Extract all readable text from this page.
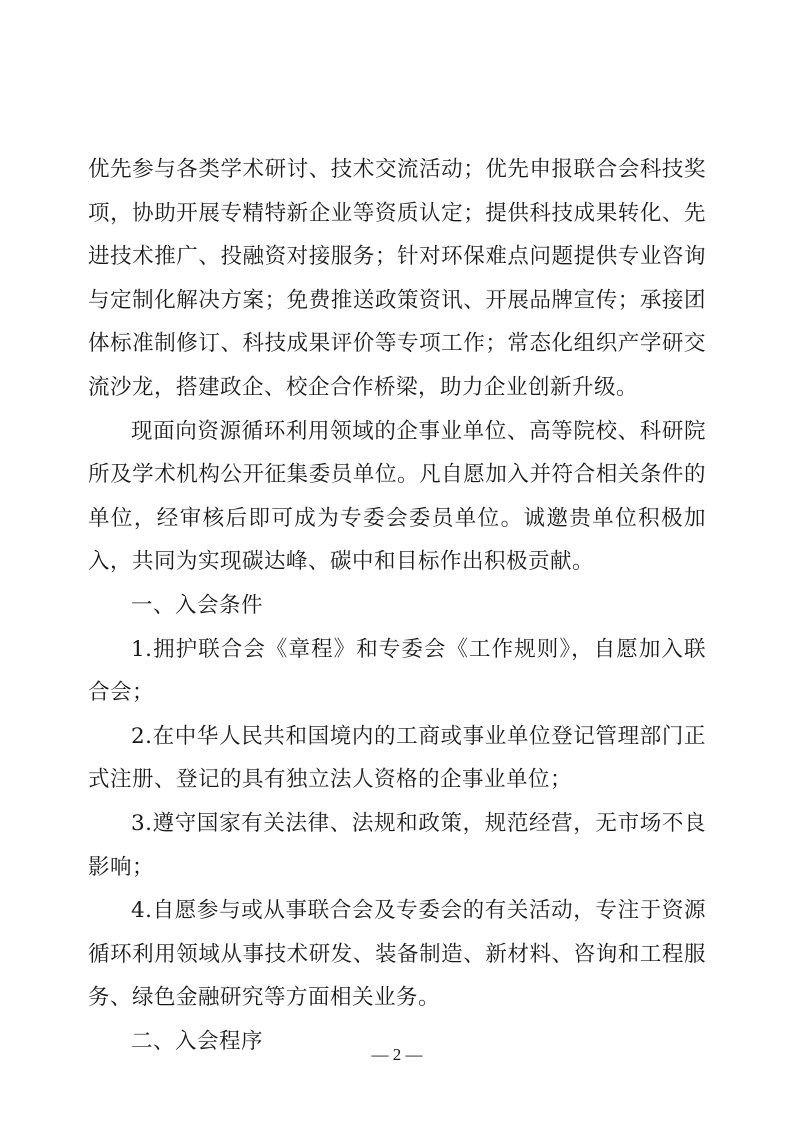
优先参与各类学术研讨、技术交流活动；优先申报联合会科技奖项，协助开展专精特新企业等资质认定；提供科技成果转化、先进技术推广、投融资对接服务；针对环保难点问题提供专业咨询与定制化解决方案；免费推送政策资讯、开展品牌宣传；承接团体标准制修订、科技成果评价等专项工作；常态化组织产学研交流沙龙，搭建政企、校企合作桥梁，助力企业创新升级。

现面向资源循环利用领域的企事业单位、高等院校、科研院所及学术机构公开征集委员单位。凡自愿加入并符合相关条件的单位，经审核后即可成为专委会委员单位。诚邀贵单位积极加入，共同为实现碳达峰、碳中和目标作出积极贡献。

一、入会条件

1.拥护联合会《章程》和专委会《工作规则》，自愿加入联合会；

2.在中华人民共和国境内的工商或事业单位登记管理部门正式注册、登记的具有独立法人资格的企事业单位；

3.遵守国家有关法律、法规和政策，规范经营，无市场不良影响；

4.自愿参与或从事联合会及专委会的有关活动，专注于资源循环利用领域从事技术研发、装备制造、新材料、咨询和工程服务、绿色金融研究等方面相关业务。

二、入会程序

— 2 —
